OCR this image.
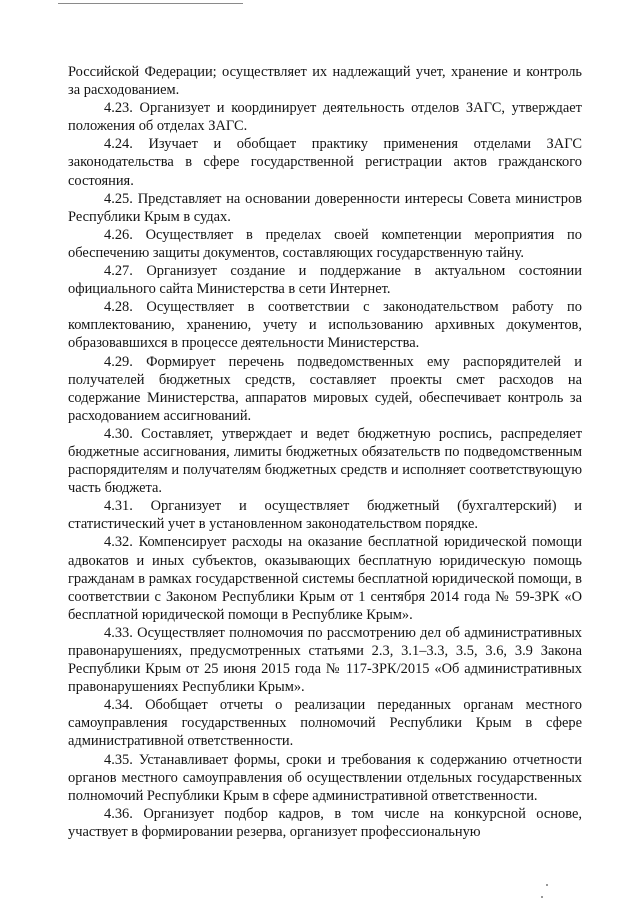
Российской Федерации; осуществляет их надлежащий учет, хранение и контроль за расходованием.

4.23. Организует и координирует деятельность отделов ЗАГС, утверждает положения об отделах ЗАГС.

4.24. Изучает и обобщает практику применения отделами ЗАГС законодательства в сфере государственной регистрации актов гражданского состояния.

4.25. Представляет на основании доверенности интересы Совета министров Республики Крым в судах.

4.26. Осуществляет в пределах своей компетенции мероприятия по обеспечению защиты документов, составляющих государственную тайну.

4.27. Организует создание и поддержание в актуальном состоянии официального сайта Министерства в сети Интернет.

4.28. Осуществляет в соответствии с законодательством работу по комплектованию, хранению, учету и использованию архивных документов, образовавшихся в процессе деятельности Министерства.

4.29. Формирует перечень подведомственных ему распорядителей и получателей бюджетных средств, составляет проекты смет расходов на содержание Министерства, аппаратов мировых судей, обеспечивает контроль за расходованием ассигнований.

4.30. Составляет, утверждает и ведет бюджетную роспись, распределяет бюджетные ассигнования, лимиты бюджетных обязательств по подведомственным распорядителям и получателям бюджетных средств и исполняет соответствующую часть бюджета.

4.31. Организует и осуществляет бюджетный (бухгалтерский) и статистический учет в установленном законодательством порядке.

4.32. Компенсирует расходы на оказание бесплатной юридической помощи адвокатов и иных субъектов, оказывающих бесплатную юридическую помощь гражданам в рамках государственной системы бесплатной юридической помощи, в соответствии с Законом Республики Крым от 1 сентября 2014 года № 59-ЗРК «О бесплатной юридической помощи в Республике Крым».

4.33. Осуществляет полномочия по рассмотрению дел об административных правонарушениях, предусмотренных статьями 2.3, 3.1–3.3, 3.5, 3.6, 3.9 Закона Республики Крым от 25 июня 2015 года № 117-ЗРК/2015 «Об административных правонарушениях Республики Крым».

4.34. Обобщает отчеты о реализации переданных органам местного самоуправления государственных полномочий Республики Крым в сфере административной ответственности.

4.35. Устанавливает формы, сроки и требования к содержанию отчетности органов местного самоуправления об осуществлении отдельных государственных полномочий Республики Крым в сфере административной ответственности.

4.36. Организует подбор кадров, в том числе на конкурсной основе, участвует в формировании резерва, организует профессиональную
